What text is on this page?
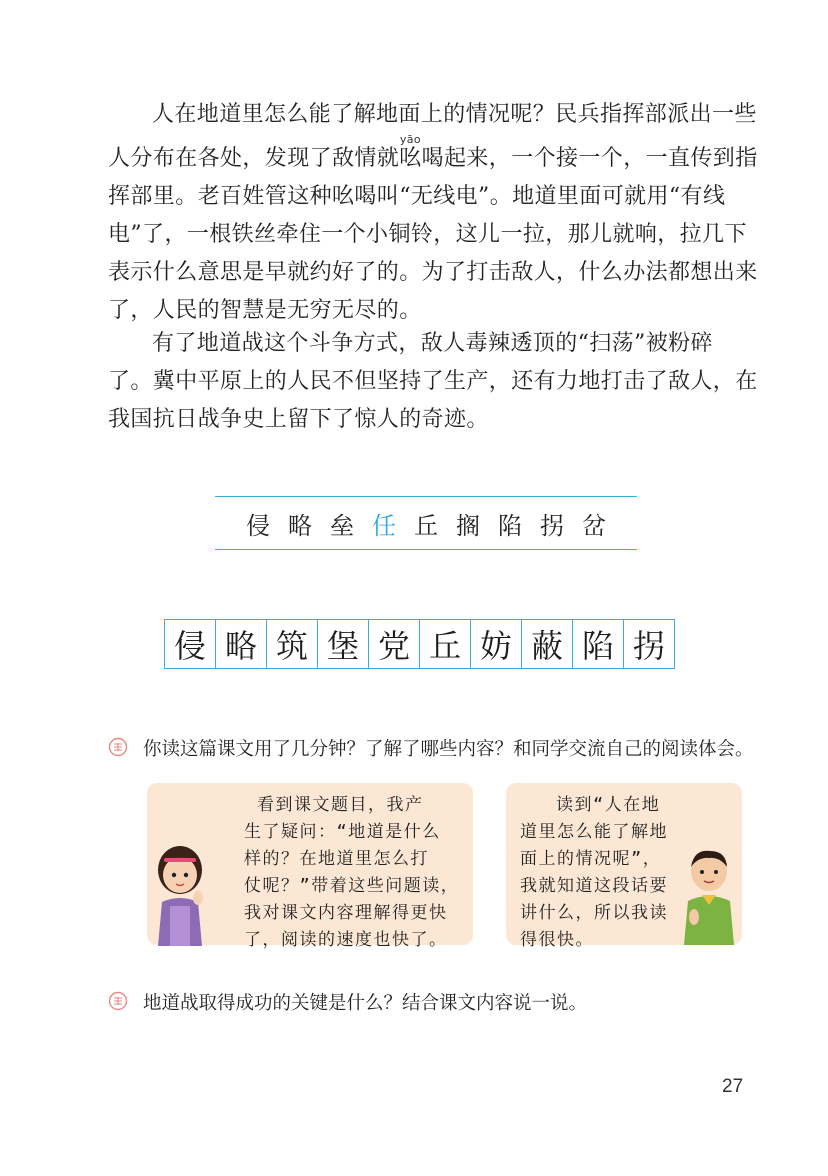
人在地道里怎么能了解地面上的情况呢？民兵指挥部派出一些
人分布在各处，发现了敌情就吆yāo喝起来，一个接一个，一直传到指
挥部里。老百姓管这种吆喝叫“无线电”。地道里面可就用“有线
电”了，一根铁丝牵住一个小铜铃，这儿一拉，那儿就响，拉几下
表示什么意思是早就约好了的。为了打击敌人，什么办法都想出来
了，人民的智慧是无穷无尽的。
有了地道战这个斗争方式，敌人毒辣透顶的“扫荡”被粉碎
了。冀中平原上的人民不但坚持了生产，还有力地打击了敌人，在
我国抗日战争史上留下了惊人的奇迹。
侵 略 垒 任 丘 搁 陷 拐 岔
侵 略 筑 堡 党 丘 妨 蔽 陷 拐
你读这篇课文用了几分钟？了解了哪些内容？和同学交流自己的阅读体会。
看到课文题目，我产
生了疑问：“地道是什么
样的？在地道里怎么打
仗呢？”带着这些问题读，
我对课文内容理解得更快
了，阅读的速度也快了。
读到“人在地
道里怎么能了解地
面上的情况呢”，
我就知道这段话要
讲什么，所以我读
得很快。
地道战取得成功的关键是什么？结合课文内容说一说。
27
